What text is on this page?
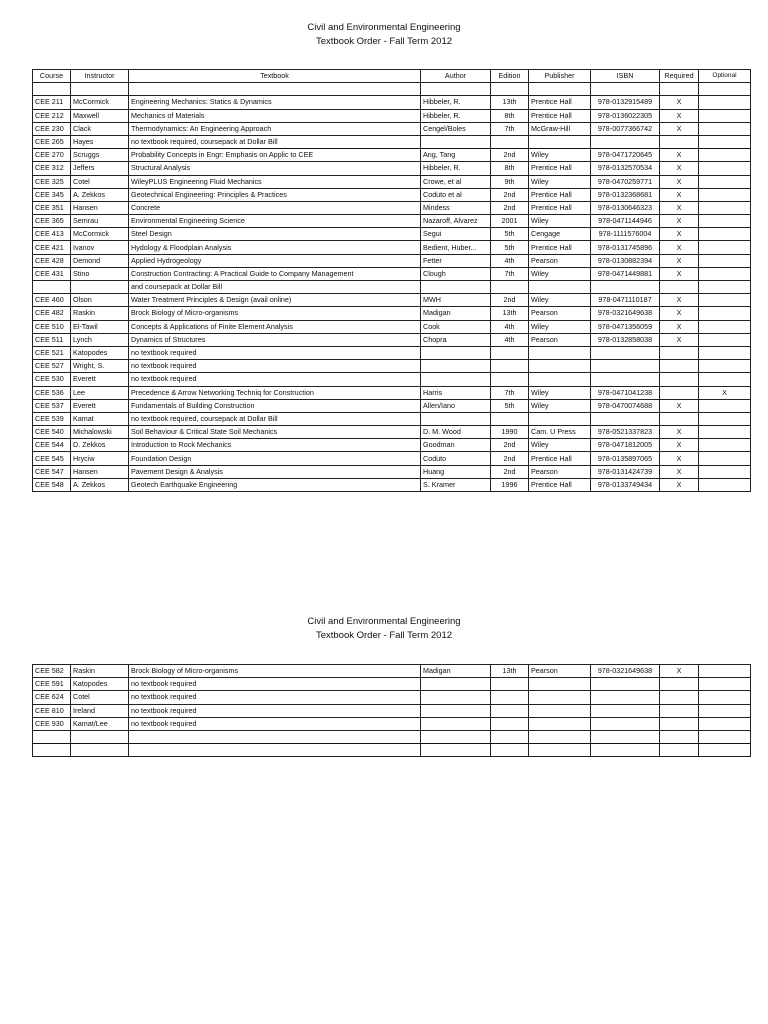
Civil and Environmental Engineering
Textbook Order - Fall Term 2012
Course	Instructor	Textbook	Author	Edition	Publisher	ISBN	Required	Optional

CEE 211	McCormick	Engineering Mechanics: Statics & Dynamics	Hibbeler, R.	13th	Prentice Hall	978-0132915489	X	
CEE 212	Maxwell	Mechanics of Materials	Hibbeler, R.	8th	Prentice Hall	978-0136022305	X	
CEE 230	Clack	Thermodynamics: An Engineering Approach	Cengel/Boles	7th	McGraw-Hill	978-0077366742	X	
CEE 265	Hayes	no textbook required, coursepack at Dollar Bill						
CEE 270	Scruggs	Probability Concepts in Engr: Emphasis on Applic to CEE	Ang, Tang	2nd	Wiley	978-0471720645	X	
CEE 312	Jeffers	Structural Analysis	Hibbeler, R.	8th	Prentice Hall	978-0132570534	X	
CEE 325	Cotel	WileyPLUS Engineering Fluid Mechanics	Crowe, et al	9th	Wiley	978-0470259771	X	
CEE 345	A. Zekkos	Geotechnical Engineering: Principles & Practices	Coduto et al	2nd	Prentice Hall	978-0132368681	X	
CEE 351	Hansen	Concrete	Mindess	2nd	Prentice Hall	978-0130646323	X	
CEE 365	Semrau	Environmental Engineering Science	Nazaroff, Alvarez	2001	Wiley	978-0471144946	X	
CEE 413	McCormick	Steel Design	Segui	5th	Cengage	978-1111576004	X	
CEE 421	Ivanov	Hydology & Floodplain Analysis	Bedient, Huber...	5th	Prentice Hall	978-0131745896	X	
CEE 428	Demond	Applied Hydrogeology	Fetter	4th	Pearson	978-0130882394	X	
CEE 431	Stino	Construction Contracting: A Practical Guide to Company Management	Clough	7th	Wiley	978-0471449881	X	
		and coursepack at Dollar Bill						
CEE 460	Olson	Water Treatment Principles & Design (avail online)	MWH	2nd	Wiley	978-0471110187	X	
CEE 482	Raskin	Brock Biology of Micro-organisms	Madigan	13th	Pearson	978-0321649638	X	
CEE 510	El-Tawil	Concepts & Applications of Finite Element Analysis	Cook	4th	Wiley	978-0471356059	X	
CEE 511	Lynch	Dynamics of Structures	Chopra	4th	Pearson	978-0132858038	X	
CEE 521	Katopodes	no textbook required						
CEE 527	Wright, S.	no textbook required						
CEE 530	Everett	no textbook required						
CEE 536	Lee	Precedence & Arrow Networking Techniq for Construction	Harris	7th	Wiley	978-0471041238		X
CEE 537	Everett	Fundamentals of Building Construction	Allen/Iano	5th	Wiley	978-0470074688	X	
CEE 539	Kamat	no textbook required, coursepack at Dollar Bill						
CEE 540	Michalowski	Soil Behaviour & Critical State Soil Mechanics	D. M. Wood	1990	Cam. U Press	978-0521337823	X	
CEE 544	D. Zekkos	Introduction to Rock Mechanics	Goodman	2nd	Wiley	978-0471812005	X	
CEE 545	Hryciw	Foundation Design	Coduto	2nd	Prentice Hall	978-0135897065	X	
CEE 547	Hansen	Pavement Design & Analysis	Huang	2nd	Pearson	978-0131424739	X	
CEE 548	A. Zekkos	Geotech Earthquake Engineering	S. Kramer	1996	Prentice Hall	978-0133749434	X	
Civil and Environmental Engineering
Textbook Order - Fall Term 2012
CEE 582	Raskin	Brock Biology of Micro-organisms	Madigan	13th	Pearson	978-0321649638	X	
CEE 591	Katopodes	no textbook required						
CEE 624	Cotel	no textbook required						
CEE 810	Ireland	no textbook required						
CEE 930	Kamat/Lee	no textbook required						
